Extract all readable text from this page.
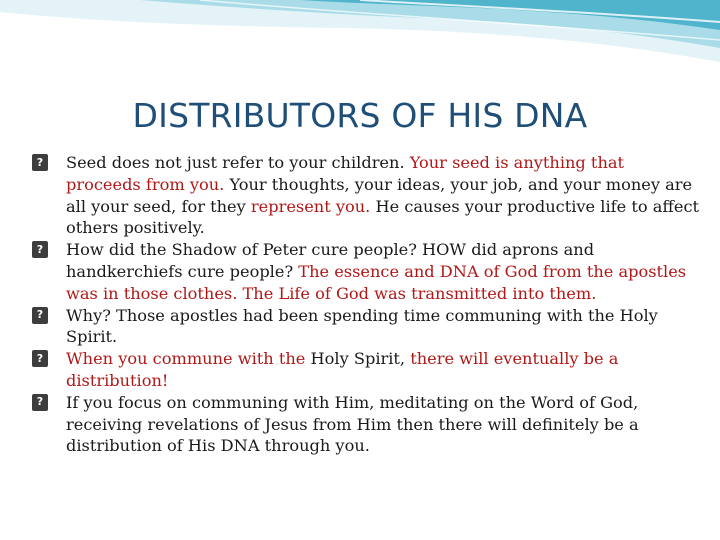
DISTRIBUTORS OF HIS DNA
? Seed does not just refer to your children. Your seed is anything that proceeds from you. Your thoughts, your ideas, your job, and your money are all your seed, for they represent you. He causes your productive life to affect others positively.
? How did the Shadow of Peter cure people? HOW did aprons and handkerchiefs cure people? The essence and DNA of God from the apostles was in those clothes. The Life of God was transmitted into them.
? Why? Those apostles had been spending time communing with the Holy Spirit.
? When you commune with the Holy Spirit, there will eventually be a distribution!
? If you focus on communing with Him, meditating on the Word of God, receiving revelations of Jesus from Him then there will definitely be a distribution of His DNA through you.
